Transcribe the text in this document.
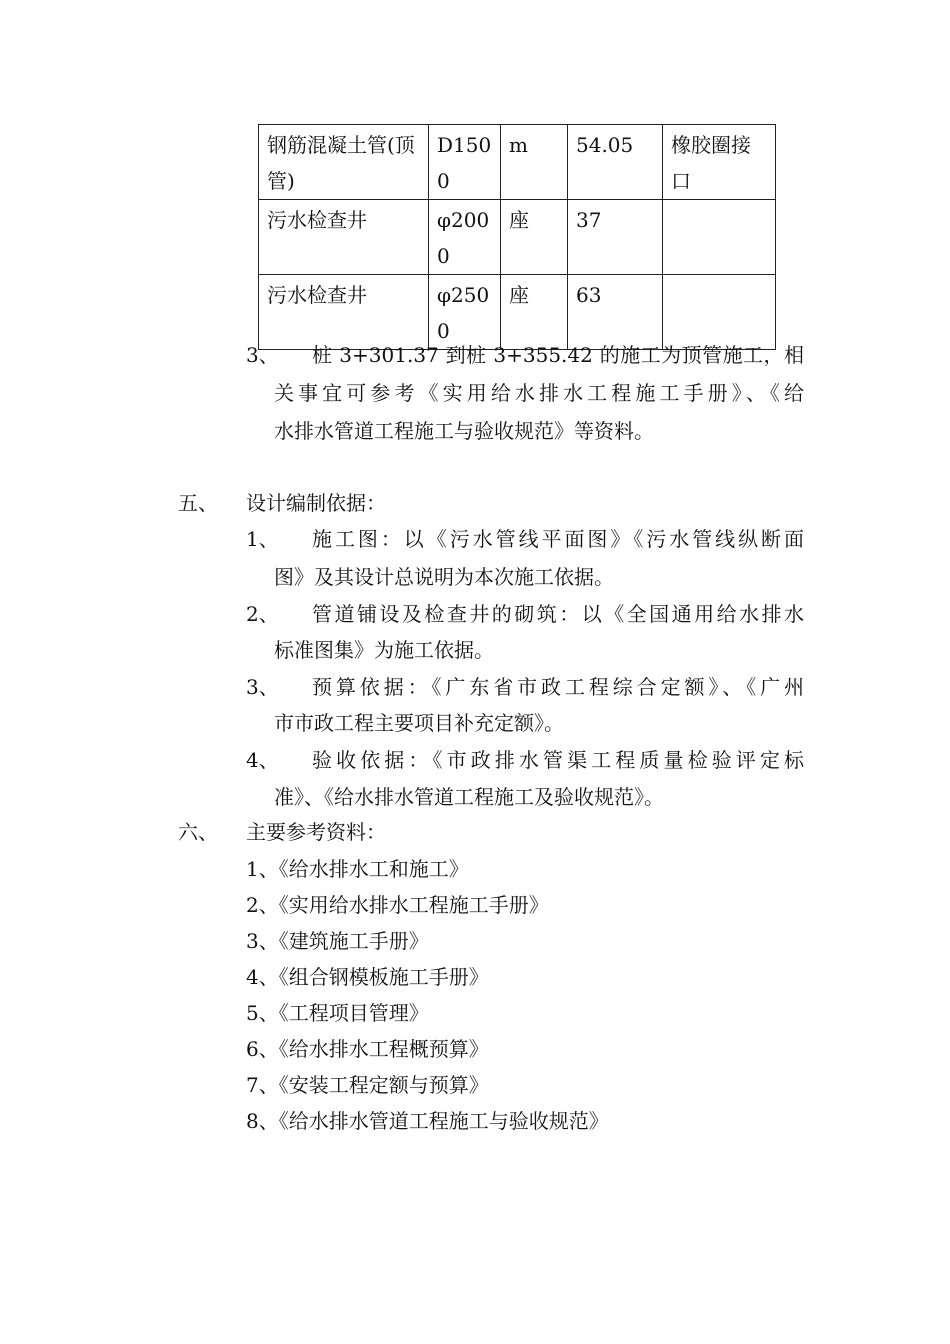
钢筋混凝土管(顶管)	D1500	m	54.05	橡胶圈接口
污水检查井	φ2000	座	37	
污水检查井	φ2500	座	63	
3、 桩 3+301.37 到桩 3+355.42 的施工为顶管施工，相
关事宜可参考《实用给水排水工程施工手册》、《给
水排水管道工程施工与验收规范》等资料。
五、 设计编制依据：
1、 施工图：以《污水管线平面图》《污水管线纵断面
图》及其设计总说明为本次施工依据。
2、 管道铺设及检查井的砌筑：以《全国通用给水排水
标准图集》为施工依据。
3、 预算依据：《广东省市政工程综合定额》、《广州
市市政工程主要项目补充定额》。
4、 验收依据：《市政排水管渠工程质量检验评定标
准》、《给水排水管道工程施工及验收规范》。
六、 主要参考资料：
1、《给水排水工和施工》
2、《实用给水排水工程施工手册》
3、《建筑施工手册》
4、《组合钢模板施工手册》
5、《工程项目管理》
6、《给水排水工程概预算》
7、《安装工程定额与预算》
8、《给水排水管道工程施工与验收规范》
